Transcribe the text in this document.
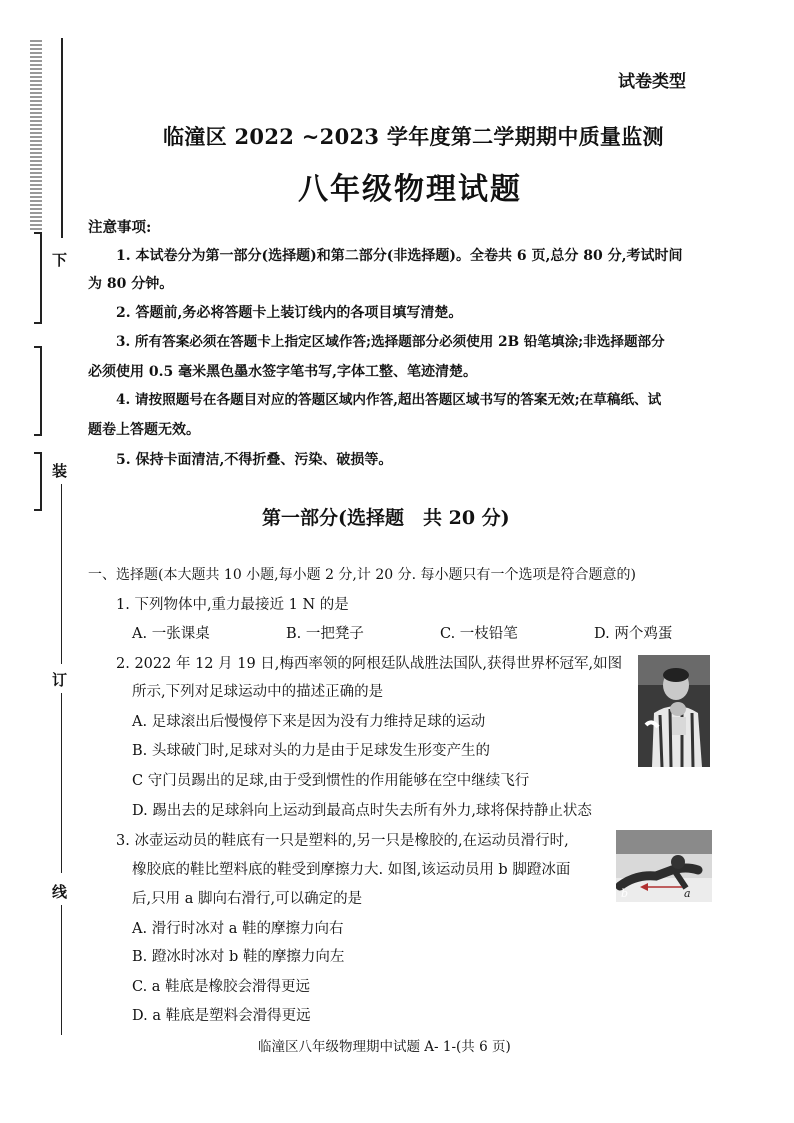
下
装
订
线
试卷类型
临潼区 2022 ~2023 学年度第二学期期中质量监测
八年级物理试题
注意事项:
1. 本试卷分为第一部分(选择题)和第二部分(非选择题)。全卷共 6 页,总分 80 分,考试时间
为 80 分钟。
2. 答题前,务必将答题卡上装订线内的各项目填写清楚。
3. 所有答案必须在答题卡上指定区域作答;选择题部分必须使用 2B 铅笔填涂;非选择题部分
必须使用 0.5 毫米黑色墨水签字笔书写,字体工整、笔迹清楚。
4. 请按照题号在各题目对应的答题区域内作答,超出答题区域书写的答案无效;在草稿纸、试
题卷上答题无效。
5. 保持卡面清洁,不得折叠、污染、破损等。
第一部分(选择题　共 20 分)
一、选择题(本大题共 10 小题,每小题 2 分,计 20 分. 每小题只有一个选项是符合题意的)
1. 下列物体中,重力最接近 1 N 的是
A. 一张课桌	B. 一把凳子	C. 一枝铅笔	D. 两个鸡蛋
2. 2022 年 12 月 19 日,梅西率领的阿根廷队战胜法国队,获得世界杯冠军,如图
所示,下列对足球运动中的描述正确的是
A. 足球滚出后慢慢停下来是因为没有力维持足球的运动
B. 头球破门时,足球对头的力是由于足球发生形变产生的
C 守门员踢出的足球,由于受到惯性的作用能够在空中继续飞行
D. 踢出去的足球斜向上运动到最高点时失去所有外力,球将保持静止状态
3. 冰壶运动员的鞋底有一只是塑料的,另一只是橡胶的,在运动员滑行时,
橡胶底的鞋比塑料底的鞋受到摩擦力大. 如图,该运动员用 b 脚蹬冰面
后,只用 a 脚向右滑行,可以确定的是
A. 滑行时冰对 a 鞋的摩擦力向右
B. 蹬冰时冰对 b 鞋的摩擦力向左
C. a 鞋底是橡胶会滑得更远
D. a 鞋底是塑料会滑得更远
b	a
临潼区八年级物理期中试题 A- 1-(共 6 页)
